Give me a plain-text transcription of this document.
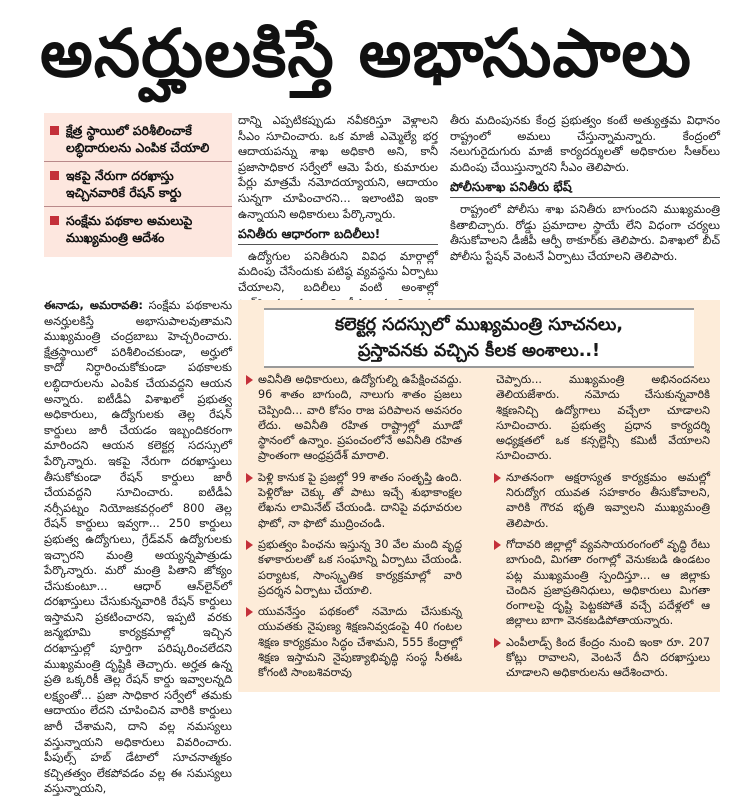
అనర్హులకిస్తే అభాసుపాలు
క్షేత్ర స్థాయిలో పరిశీలించాకే లబ్ధిదారులను ఎంపిక చేయాలి
ఇకపై నేరుగా దరఖాస్తు ఇచ్చినవారికే రేషన్‌ కార్డు
సంక్షేమ పథకాల అమలుపై ముఖ్యమంత్రి ఆదేశం

ఈనాడు, అమరావతి: సంక్షేమ పథకాలను అనర్హులకిస్తే అభాసుపాలవుతామని ముఖ్యమంత్రి చంద్రబాబు హెచ్చరించారు. క్షేత్రస్థాయిలో పరిశీలించకుండా, అర్హులో కాదో నిర్ధారించుకోకుండా పథకాలకు లబ్ధిదారులను ఎంపిక చేయవద్దని ఆయన అన్నారు. ఐటీడీఏ విశాఖలో ప్రభుత్వ అధికారులు, ఉద్యోగులకు తెల్ల రేషన్‌ కార్డులు జారీ చేయడం ఇబ్బందికరంగా మారిందని ఆయన కలెక్టర్ల సదస్సులో పేర్కొన్నారు. ఇకపై నేరుగా దరఖాస్తులు తీసుకోకుండా రేషన్‌ కార్డులు జారీ చేయవద్దని సూచించారు. ఐటీడీఏ నర్సీపట్నం నియోజకవర్గంలో 800 తెల్ల రేషన్‌ కార్డులు ఇవ్వగా... 250 కార్డులు ప్రభుత్వ ఉద్యోగులు, గ్రేడ్‌వన్‌ ఉద్యోగులకు ఇచ్చారని మంత్రి అయ్యన్నపాత్రుడు పేర్కొన్నారు. మరో మంత్రి పితాని జోక్యం చేసుకుంటూ... ఆధార్‌ ఆన్‌లైన్‌లో దరఖాస్తులు చేసుకున్నవారికి రేషన్‌ కార్డులు ఇస్తామని ప్రకటించారని, ఇప్పటి వరకు జన్మభూమి కార్యక్రమాల్లో ఇచ్చిన దరఖాస్తుల్లో పూర్తిగా పరిష్కరించలేదని ముఖ్యమంత్రి దృష్టికి తెచ్చారు. అర్హత ఉన్న ప్రతి ఒక్కరికీ తెల్ల రేషన్‌ కార్డు ఇవ్వాలన్నది లక్ష్యంతో... ప్రజా సాధికార సర్వేలో తమకు ఆదాయం లేదని చూపించిన వారికి కార్డులు జారీ చేశామని, దాని వల్ల నమస్యలు వస్తున్నాయని అధికారులు వివరించారు. పీపుల్స్‌ హబ్‌ డేటాలో సూచనాత్మకం కచ్చితత్వం లేకపోవడం వల్ల ఈ సమస్యలు వస్తున్నాయని,

దాన్ని ఎప్పటికప్పుడు నవీకరిస్తూ వెళ్లాలని సీఎం సూచించారు. ఒక మాజీ ఎమ్మెల్యే భర్త ఆదాయపన్ను శాఖ అధికారి అని, కానీ ప్రజాసాధికార సర్వేలో ఆమె పేరు, కుమారుల పేర్లు మాత్రమే నమోదయ్యాయని, ఆదాయం సున్నగా చూపించారని... ఇలాంటివి ఇంకా ఉన్నాయని అధికారులు పేర్కొన్నారు.

పనితీరు ఆధారంగా బదిలీలు!

ఉద్యోగుల పనితీరుని వివిధ మార్గాల్లో మదింపు చేసేందుకు పటిష్ఠ వ్యవస్థను ఏర్పాటు చేయాలని, బదిలీలు వంటి అంశాల్లో

తీరు మదింపునకు కేంద్ర ప్రభుత్వం కంటే అత్యుత్తమ విధానం రాష్ట్రంలో అమలు చేస్తున్నామన్నారు. కేంద్రంలో నలుగురైదుగురు మాజీ కార్యదర్శులతో అధికారుల సీఆర్‌లు మదింపు చేయిస్తున్నారని సీఎం తెలిపారు.

పోలీసుశాఖ పనితీరు భేష్‌

రాష్ట్రంలో పోలీసు శాఖ పనితీరు బాగుందని ముఖ్యమంత్రి కితాబిచ్చారు. రోడ్డు ప్రమాదాల స్థాయే లేని విధంగా చర్యలు తీసుకోవాలని డీజీపీ ఆర్పీ ఠాకూర్‌కు తెలిపారు. విశాఖలో బీచ్‌ పోలీసు స్టేషన్‌ వెంటనే ఏర్పాటు చేయాలని తెలిపారు.

కలెక్టర్ల సదస్సులో ముఖ్యమంత్రి సూచనలు,
ప్రస్తావనకు వచ్చిన కీలక అంశాలు..!
అవినీతి అధికారులు, ఉద్యోగుల్ని ఉపేక్షించవద్దు. 96 శాతం బాగుంది, నాలుగు శాతం ప్రజలు చెప్పింది... వారి కోసం రాజ పరిపాలన అవసరం లేదు. అవినీతి రహిత రాష్ట్రాల్లో మూడో స్థానంలో ఉన్నాం. ప్రపంచంలోనే అవినీతి రహిత ప్రాంతంగా ఆంధ్రప్రదేశ్‌ మారాలి.
పెళ్లి కానుక పై ప్రజల్లో 99 శాతం సంతృప్తి ఉంది. పెళ్లిరోజు చెక్కు తో పాటు ఇచ్చే శుభాకాంక్షల లేఖను లామినేట్‌ చేయండి. దానిపై వధూవరుల ఫొటో, నా ఫొటో ముద్రించండి.
ప్రభుత్వం పింఛను ఇస్తున్న 30 వేల మంది వృద్ధ కళాకారులతో ఒక సంఘాన్ని ఏర్పాటు చేయండి. పర్యాటక, సాంస్కృతిక కార్యక్రమాల్లో వారి ప్రదర్శన ఏర్పాటు చేయాలి.
యువనేస్తం పథకంలో నమోదు చేసుకున్న యువతకు నైపుణ్య శిక్షణనివ్వడంపై 40 గంటల శిక్షణ కార్యక్రమం సిద్ధం చేశామని, 555 కేంద్రాల్లో శిక్షణ ఇస్తామని నైపుణ్యాభివృద్ధి సంస్థ సీఈఓ కోగంటి సాంబశివరావు
చెప్పారు... ముఖ్యమంత్రి అభినందనలు తెలియజేశారు. నమోదు చేసుకున్నవారికి శిక్షణనిచ్చి ఉద్యోగాలు వచ్చేలా చూడాలని సూచించారు. ప్రభుత్వ ప్రధాన కార్యదర్శి అధ్యక్షతలో ఒక కన్సల్టెన్సీ కమిటీ వేయాలని సూచించారు.
నూతనంగా అక్షరాస్యత కార్యక్రమం అమల్లో నిరుద్యోగ యువత సహకారం తీసుకోవాలని, వారికి గౌరవ భృతి ఇవ్వాలని ముఖ్యమంత్రి తెలిపారు.
గోదావరి జిల్లాల్లో వ్యవసాయరంగంలో వృద్ధి రేటు బాగుంది, మిగతా రంగాల్లో వెనుకబడి ఉండటం పట్ల ముఖ్యమంత్రి స్పందిస్తూ... ఆ జిల్లాకు చెందిన ప్రజాప్రతినిధులు, అధికారులు మిగతా రంగాలపై దృష్టి పెట్టకపోతే వచ్చే పదేళ్లలో ఆ జిల్లాలు బాగా వెనకబడిపోతాయన్నారు.
ఎంపీలాడ్స్‌ కింద కేంద్రం నుంచి ఇంకా రూ. 207 కోట్లు రావాలని, వెంటనే దీని దరఖాస్తులు చూడాలని అధికారులను ఆదేశించారు.
